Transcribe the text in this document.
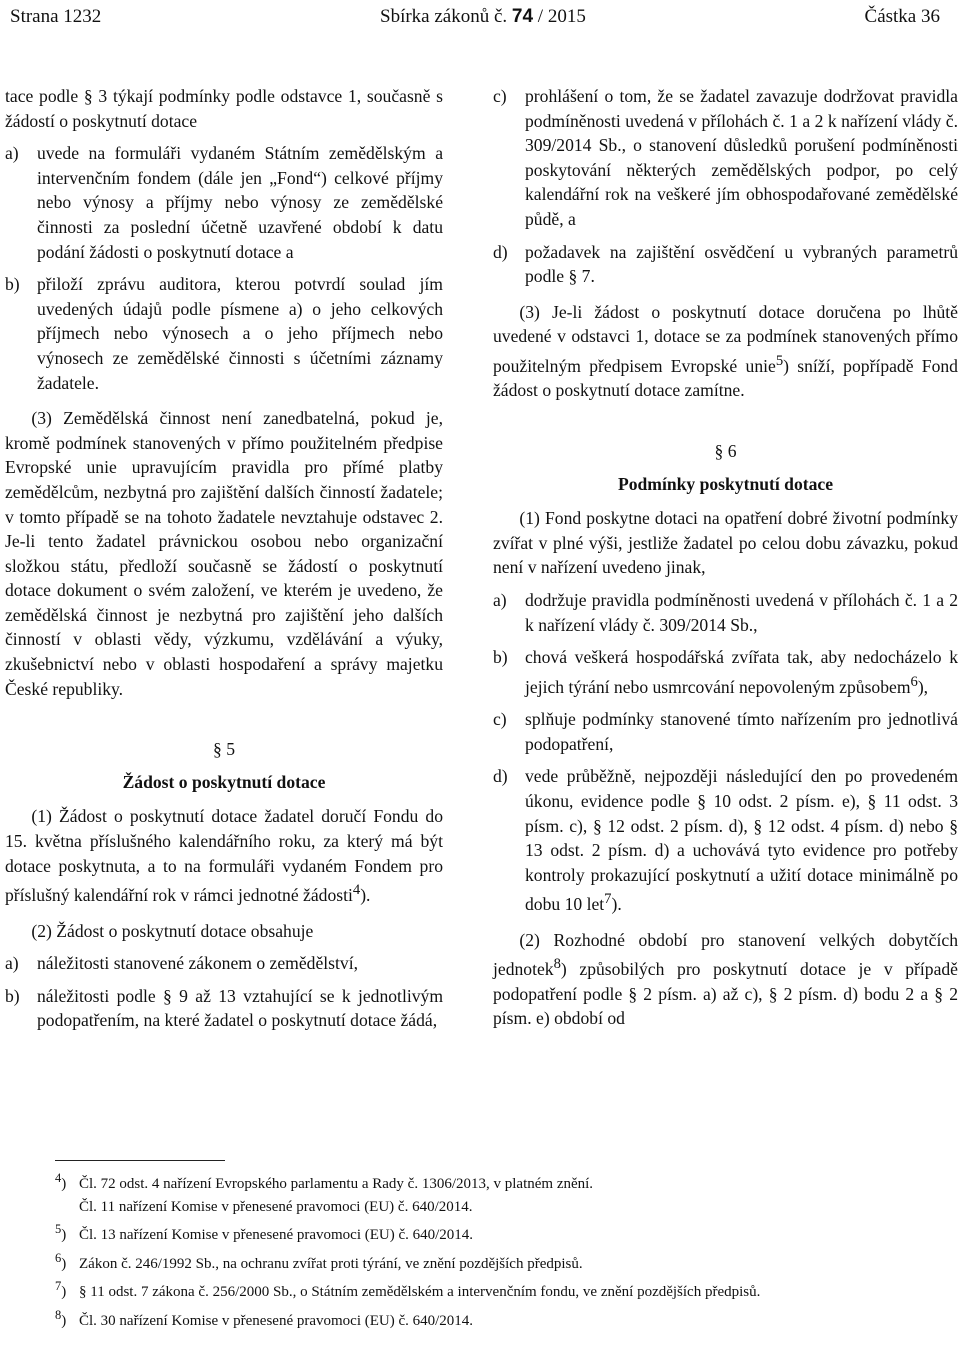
Strana 1232	Sbírka zákonů č. 74 / 2015	Částka 36

tace podle § 3 týkají podmínky podle odstavce 1, současně s žádostí o poskytnutí dotace

a)	uvede na formuláři vydaném Státním zemědělským a intervenčním fondem (dále jen „Fond“) celkové příjmy nebo výnosy a příjmy nebo výnosy ze zemědělské činnosti za poslední účetně uzavřené období k datu podání žádosti o poskytnutí dotace a
b) přiloží zprávu auditora, kterou potvrdí soulad jím uvedených údajů podle písmene a) o jeho celkových příjmech nebo výnosech a o jeho příjmech nebo výnosech ze zemědělské činnosti s účetními záznamy žadatele.

(3) Zemědělská činnost není zanedbatelná, pokud je, kromě podmínek stanovených v přímo použitelném předpise Evropské unie upravujícím pravidla pro přímé platby zemědělcům, nezbytná pro zajištění dalších činností žadatele; v tomto případě se na tohoto žadatele nevztahuje odstavec 2. Je-li tento žadatel právnickou osobou nebo organizační složkou státu, předloží současně se žádostí o poskytnutí dotace dokument o svém založení, ve kterém je uvedeno, že zemědělská činnost je nezbytná pro zajištění jeho dalších činností v oblasti vědy, výzkumu, vzdělávání a výuky, zkušebnictví nebo v oblasti hospodaření a správy majetku České republiky.

§ 5
Žádost o poskytnutí dotace

(1) Žádost o poskytnutí dotace žadatel doručí Fondu do 15. května příslušného kalendářního roku, za který má být dotace poskytnuta, a to na formuláři vydaném Fondem pro příslušný kalendářní rok v rámci jednotné žádosti$^4$).

(2) Žádost o poskytnutí dotace obsahuje

a)	náležitosti stanovené zákonem o zemědělství,
b) náležitosti podle § 9 až 13 vztahující se k jednotlivým podopatřením, na které žadatel o poskytnutí dotace žádá,
c)	prohlášení o tom, že se žadatel zavazuje dodržovat pravidla podmíněnosti uvedená v přílohách č. 1 a 2 k nařízení vlády č. 309/2014 Sb., o stanovení důsledků porušení podmíněnosti poskytování některých zemědělských podpor, po celý kalendářní rok na veškeré jím obhospodařované zemědělské půdě, a
d) požadavek na zajištění osvědčení u vybraných parametrů podle § 7.

(3) Je-li žádost o poskytnutí dotace doručena po lhůtě uvedené v odstavci 1, dotace se za podmínek stanovených přímo použitelným předpisem Evropské unie$^5$) sníží, popřípadě Fond žádost o poskytnutí dotace zamítne.

§ 6
Podmínky poskytnutí dotace

(1) Fond poskytne dotaci na opatření dobré životní podmínky zvířat v plné výši, jestliže žadatel po celou dobu závazku, pokud není v nařízení uvedeno jinak,

a)	dodržuje pravidla podmíněnosti uvedená v přílohách č. 1 a 2 k nařízení vlády č. 309/2014 Sb.,
b) chová veškerá hospodářská zvířata tak, aby nedocházelo k jejich týrání nebo usmrcování nepovoleným způsobem$^6$),
c)	splňuje podmínky stanovené tímto nařízením pro jednotlivá podopatření,
d) vede průběžně, nejpozději následující den po provedeném úkonu, evidence podle § 10 odst. 2 písm. e), § 11 odst. 3 písm. c), § 12 odst. 2 písm. d), § 12 odst. 4 písm. d) nebo § 13 odst. 2 písm. d) a uchovává tyto evidence pro potřeby kontroly prokazující poskytnutí a užití dotace minimálně po dobu 10 let$^7$).

(2) Rozhodné období pro stanovení velkých dobytčích jednotek$^8$) způsobilých pro poskytnutí dotace je v případě podopatření podle § 2 písm. a) až c), § 2 písm. d) bodu 2 a § 2 písm. e) období od

$^4$) Čl. 72 odst. 4 nařízení Evropského parlamentu a Rady č. 1306/2013, v platném znění.
Čl. 11 nařízení Komise v přenesené pravomoci (EU) č. 640/2014.
$^5$) Čl. 13 nařízení Komise v přenesené pravomoci (EU) č. 640/2014.
$^6$) Zákon č. 246/1992 Sb., na ochranu zvířat proti týrání, ve znění pozdějších předpisů.
$^7$) § 11 odst. 7 zákona č. 256/2000 Sb., o Státním zemědělském a intervenčním fondu, ve znění pozdějších předpisů.
$^8$) Čl. 30 nařízení Komise v přenesené pravomoci (EU) č. 640/2014.
